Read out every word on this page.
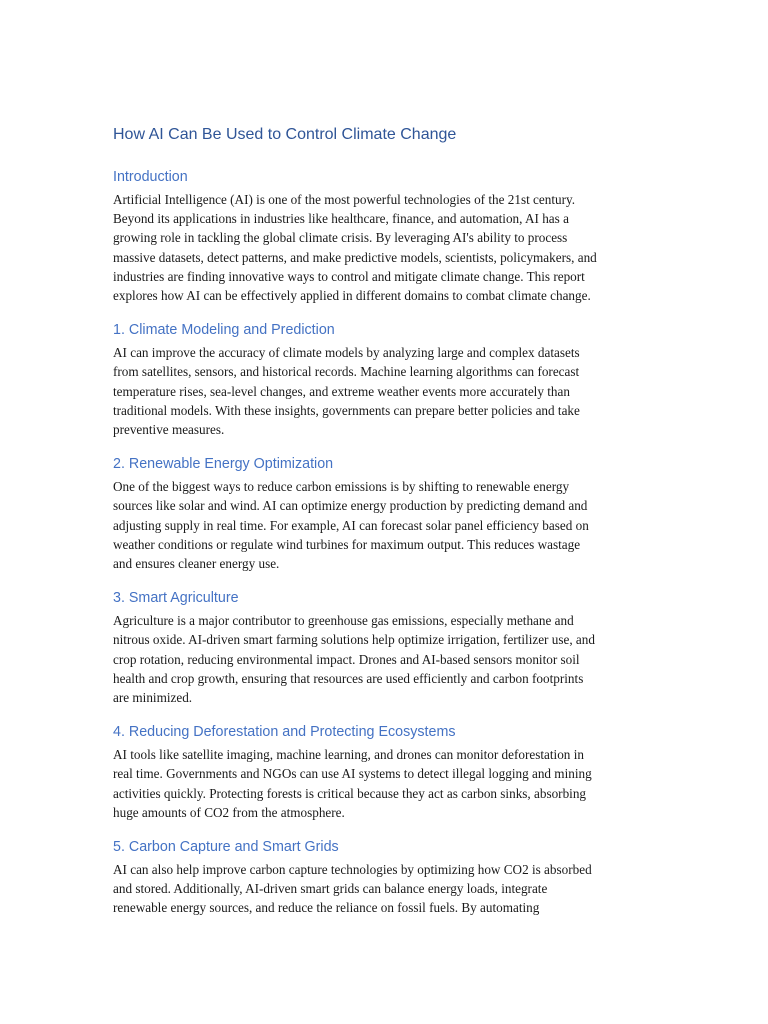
How AI Can Be Used to Control Climate Change
Introduction

Artificial Intelligence (AI) is one of the most powerful technologies of the 21st century.
Beyond its applications in industries like healthcare, finance, and automation, AI has a
growing role in tackling the global climate crisis. By leveraging AI's ability to process
massive datasets, detect patterns, and make predictive models, scientists, policymakers, and
industries are finding innovative ways to control and mitigate climate change. This report
explores how AI can be effectively applied in different domains to combat climate change.

1. Climate Modeling and Prediction

AI can improve the accuracy of climate models by analyzing large and complex datasets
from satellites, sensors, and historical records. Machine learning algorithms can forecast
temperature rises, sea-level changes, and extreme weather events more accurately than
traditional models. With these insights, governments can prepare better policies and take
preventive measures.

2. Renewable Energy Optimization

One of the biggest ways to reduce carbon emissions is by shifting to renewable energy
sources like solar and wind. AI can optimize energy production by predicting demand and
adjusting supply in real time. For example, AI can forecast solar panel efficiency based on
weather conditions or regulate wind turbines for maximum output. This reduces wastage
and ensures cleaner energy use.

3. Smart Agriculture

Agriculture is a major contributor to greenhouse gas emissions, especially methane and
nitrous oxide. AI-driven smart farming solutions help optimize irrigation, fertilizer use, and
crop rotation, reducing environmental impact. Drones and AI-based sensors monitor soil
health and crop growth, ensuring that resources are used efficiently and carbon footprints
are minimized.

4. Reducing Deforestation and Protecting Ecosystems

AI tools like satellite imaging, machine learning, and drones can monitor deforestation in
real time. Governments and NGOs can use AI systems to detect illegal logging and mining
activities quickly. Protecting forests is critical because they act as carbon sinks, absorbing
huge amounts of CO2 from the atmosphere.

5. Carbon Capture and Smart Grids

AI can also help improve carbon capture technologies by optimizing how CO2 is absorbed
and stored. Additionally, AI-driven smart grids can balance energy loads, integrate
renewable energy sources, and reduce the reliance on fossil fuels. By automating
